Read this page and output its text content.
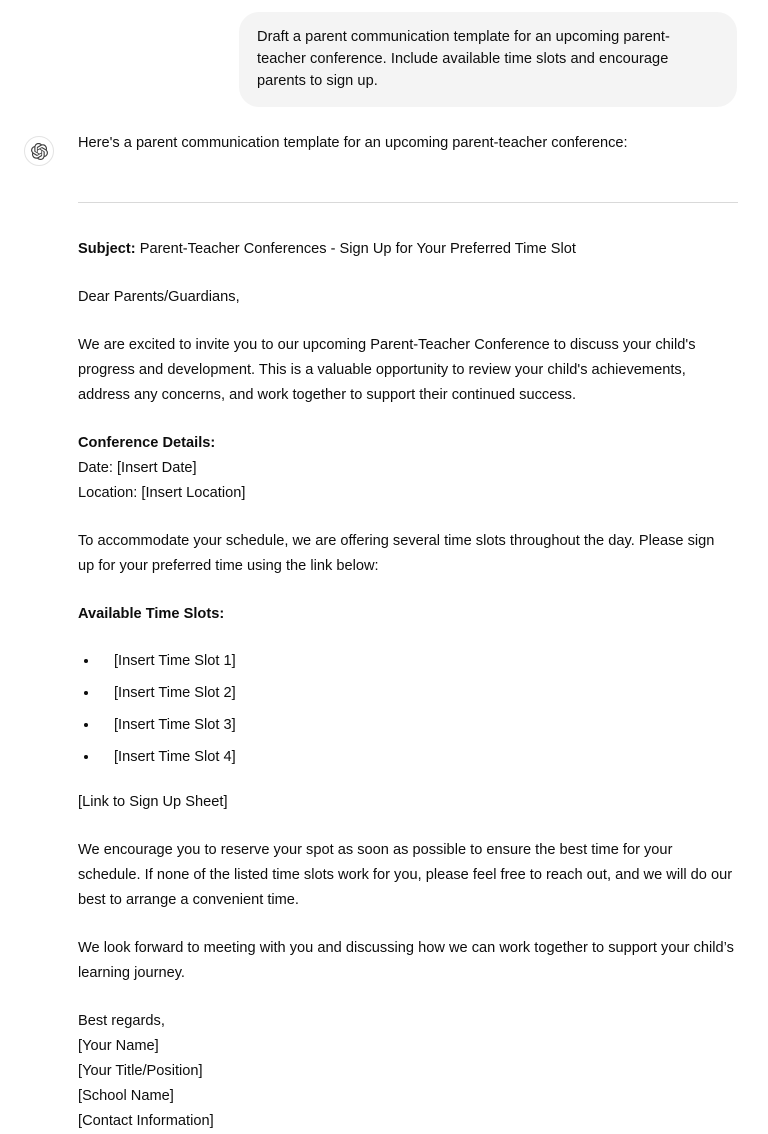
Draft a parent communication template for an upcoming parent-teacher conference. Include available time slots and encourage parents to sign up.

Here's a parent communication template for an upcoming parent-teacher conference:

Subject: Parent-Teacher Conferences - Sign Up for Your Preferred Time Slot

Dear Parents/Guardians,

We are excited to invite you to our upcoming Parent-Teacher Conference to discuss your child's progress and development. This is a valuable opportunity to review your child's achievements, address any concerns, and work together to support their continued success.

Conference Details:

Date: [Insert Date]

Location: [Insert Location]

To accommodate your schedule, we are offering several time slots throughout the day. Please sign up for your preferred time using the link below:

Available Time Slots:

[Insert Time Slot 1]
[Insert Time Slot 2]
[Insert Time Slot 3]
[Insert Time Slot 4]

[Link to Sign Up Sheet]

We encourage you to reserve your spot as soon as possible to ensure the best time for your schedule. If none of the listed time slots work for you, please feel free to reach out, and we will do our best to arrange a convenient time.

We look forward to meeting with you and discussing how we can work together to support your child’s learning journey.

Best regards,

[Your Name]

[Your Title/Position]

[School Name]

[Contact Information]
